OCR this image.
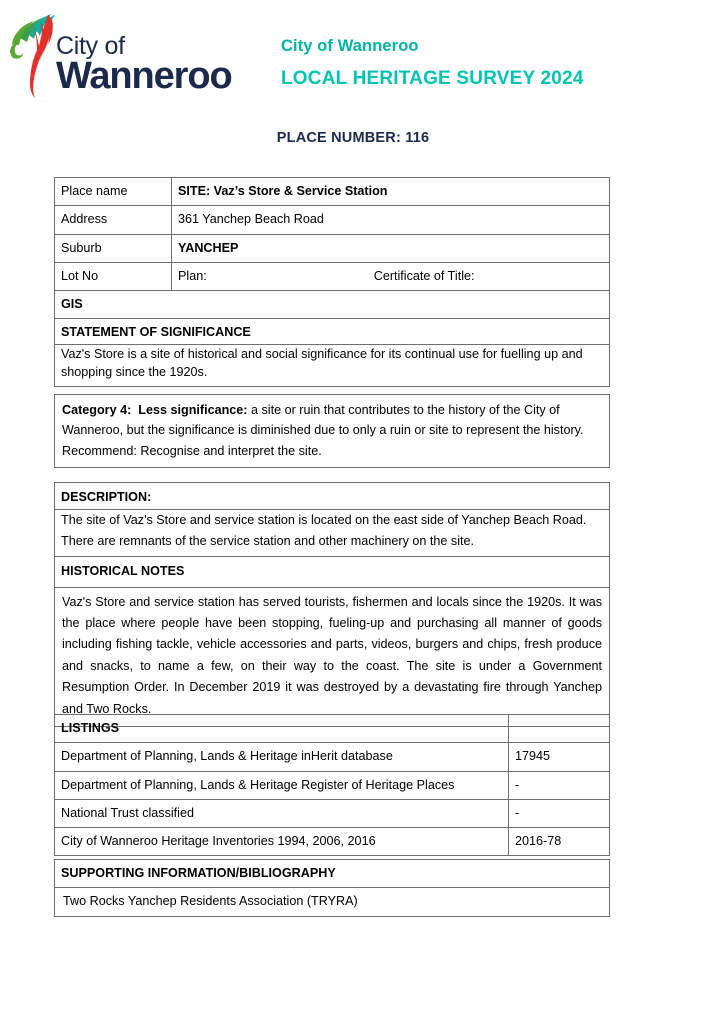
City of
Wanneroo
City of Wanneroo
LOCAL HERITAGE SURVEY 2024
PLACE NUMBER: 116
Place name	SITE: Vaz’s Store & Service Station
Address	361 Yanchep Beach Road
Suburb	YANCHEP
Lot No	Plan: Certificate of Title:
GIS	
STATEMENT OF SIGNIFICANCE	
Vaz's Store is a site of historical and social significance for its continual use for fuelling up and shopping since the 1920s.	
Category 4: Less significance: a site or ruin that contributes to the history of the City of Wanneroo, but the significance is diminished due to only a ruin or site to represent the history. Recommend: Recognise and interpret the site.
DESCRIPTION:
The site of Vaz's Store and service station is located on the east side of Yanchep Beach Road. There are remnants of the service station and other machinery on the site.
HISTORICAL NOTES
Vaz's Store and service station has served tourists, fishermen and locals since the 1920s. It was the place where people have been stopping, fueling-up and purchasing all manner of goods including fishing tackle, vehicle accessories and parts, videos, burgers and chips, fresh produce and snacks, to name a few, on their way to the coast. The site is under a Government Resumption Order. In December 2019 it was destroyed by a devastating fire through Yanchep and Two Rocks.
LISTINGS	
Department of Planning, Lands & Heritage inHerit database	17945
Department of Planning, Lands & Heritage Register of Heritage Places	-
National Trust classified	-
City of Wanneroo Heritage Inventories 1994, 2006, 2016	2016-78
SUPPORTING INFORMATION/BIBLIOGRAPHY
Two Rocks Yanchep Residents Association (TRYRA)
